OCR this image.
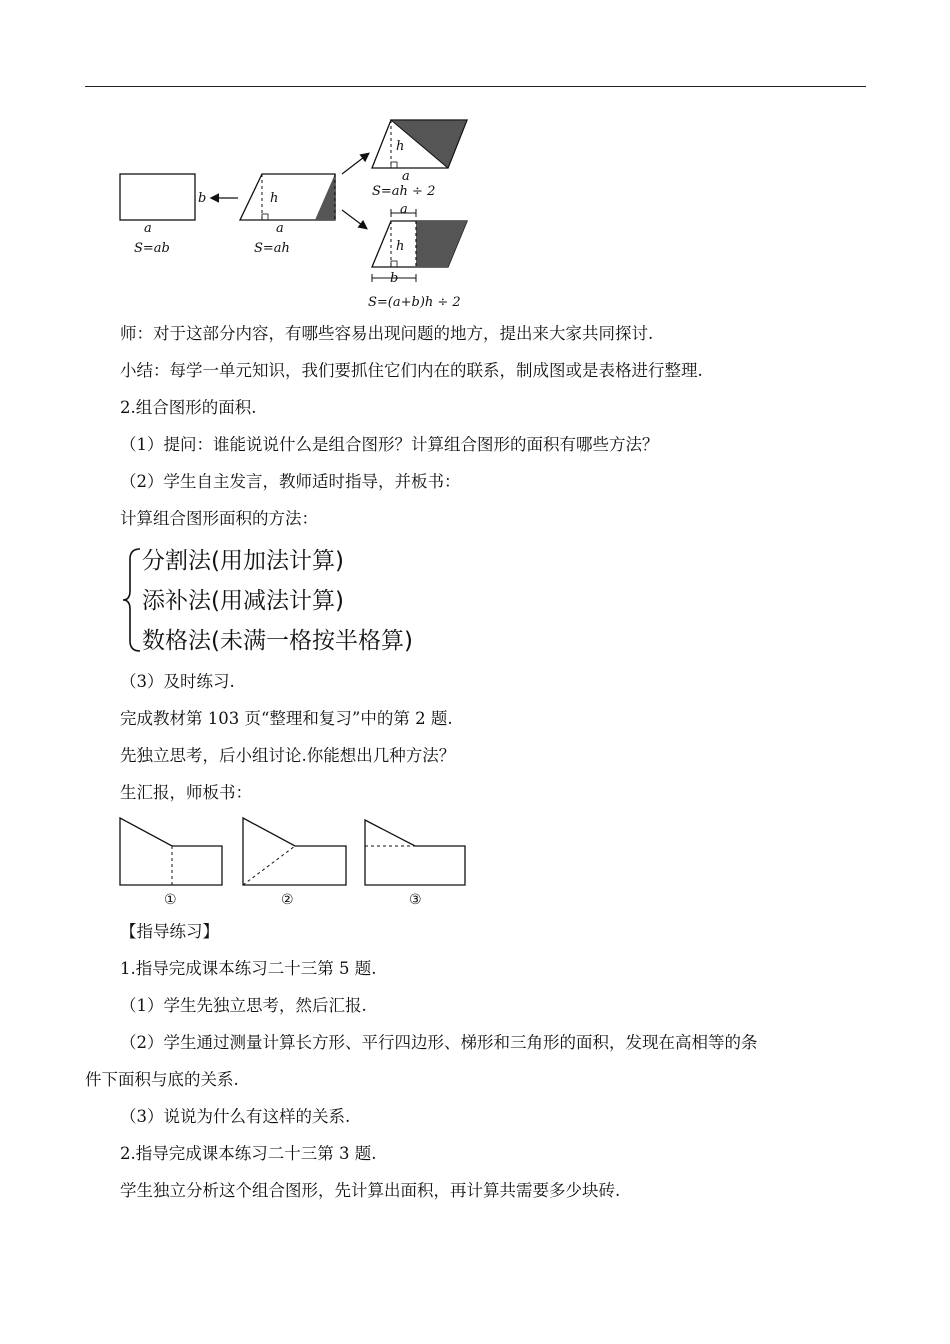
b
a
S=ab
h
a
S=ah
h
a
S=ah ÷ 2
h
a
b
S=(a+b)h ÷ 2
师：对于这部分内容，有哪些容易出现问题的地方，提出来大家共同探讨.
小结：每学一单元知识，我们要抓住它们内在的联系，制成图或是表格进行整理.
2.组合图形的面积.
（1）提问：谁能说说什么是组合图形？计算组合图形的面积有哪些方法？
（2）学生自主发言，教师适时指导，并板书：
计算组合图形面积的方法：
分割法(用加法计算)
添补法(用减法计算)
数格法(未满一格按半格算)
（3）及时练习.
完成教材第 103 页“整理和复习”中的第 2 题.
先独立思考，后小组讨论.你能想出几种方法？
生汇报，师板书：
①	②	③
【指导练习】
1.指导完成课本练习二十三第 5 题.
（1）学生先独立思考，然后汇报.
（2）学生通过测量计算长方形、平行四边形、梯形和三角形的面积，发现在高相等的条
件下面积与底的关系.
（3）说说为什么有这样的关系.
2.指导完成课本练习二十三第 3 题.
学生独立分析这个组合图形，先计算出面积，再计算共需要多少块砖.
